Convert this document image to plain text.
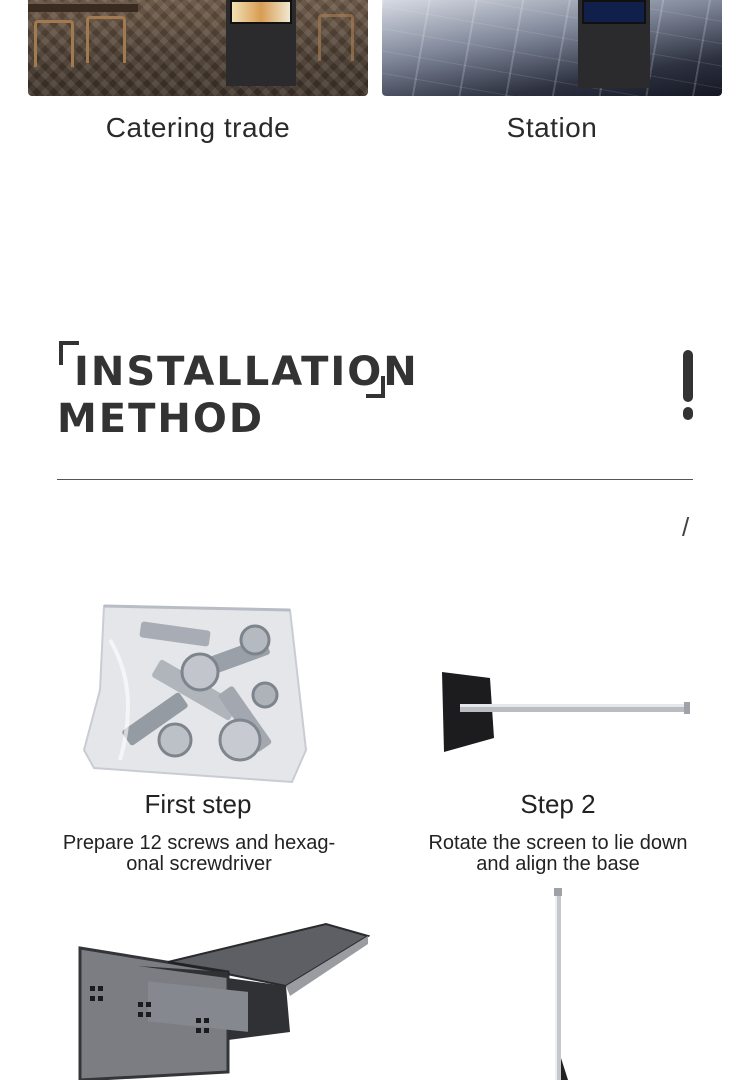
Catering trade	Station
INSTALLATION
METHOD
/
First step	Step 2
Prepare 12 screws and hexag-
onal screwdriver
Rotate the screen to lie down
and align the base
